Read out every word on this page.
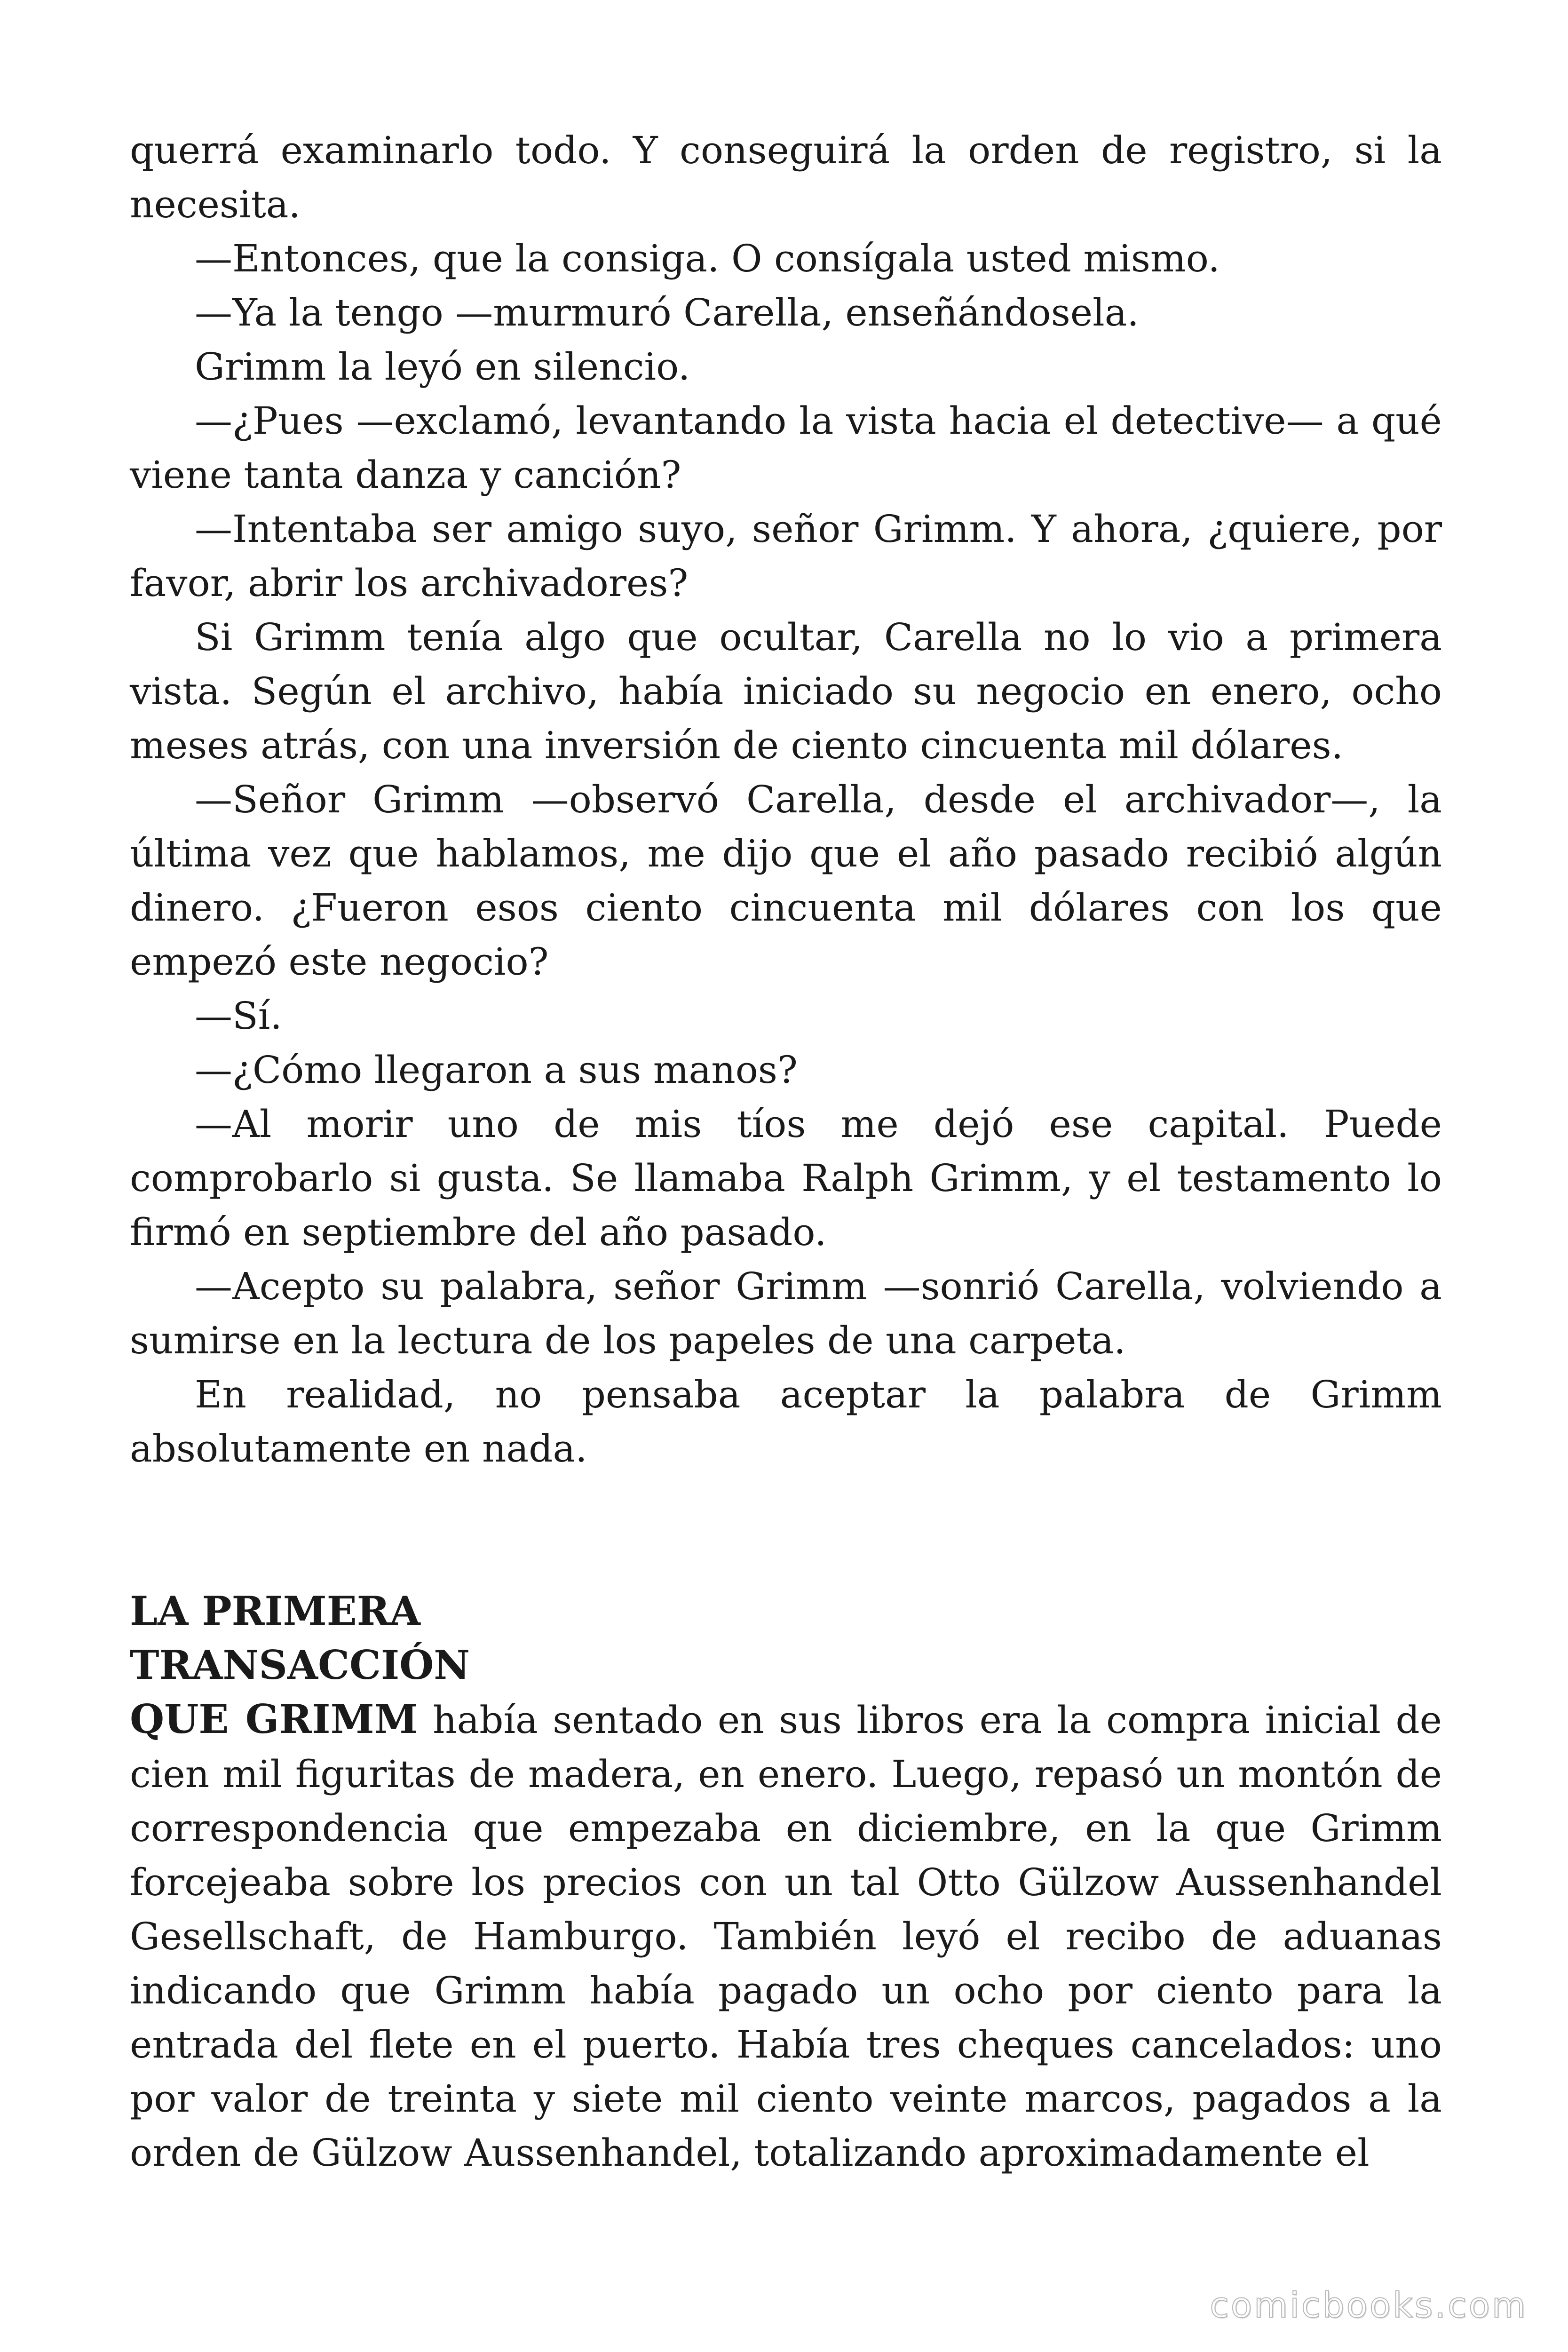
querrá examinarlo todo. Y conseguirá la orden de registro, si la necesita.

—Entonces, que la consiga. O consígala usted mismo.

—Ya la tengo —murmuró Carella, enseñándosela.

Grimm la leyó en silencio.

—¿Pues —exclamó, levantando la vista hacia el detective— a qué viene tanta danza y canción?

—Intentaba ser amigo suyo, señor Grimm. Y ahora, ¿quiere, por favor, abrir los archivadores?

Si Grimm tenía algo que ocultar, Carella no lo vio a primera vista. Según el archivo, había iniciado su negocio en enero, ocho meses atrás, con una inversión de ciento cincuenta mil dólares.

—Señor Grimm —observó Carella, desde el archivador—, la última vez que hablamos, me dijo que el año pasado recibió algún dinero. ¿Fueron esos ciento cincuenta mil dólares con los que empezó este negocio?

—Sí.

—¿Cómo llegaron a sus manos?

—Al morir uno de mis tíos me dejó ese capital. Puede comprobarlo si gusta. Se llamaba Ralph Grimm, y el testamento lo firmó en septiembre del año pasado.

—Acepto su palabra, señor Grimm —sonrió Carella, volviendo a sumirse en la lectura de los papeles de una carpeta.

En realidad, no pensaba aceptar la palabra de Grimm absolutamente en nada.

LA PRIMERA

TRANSACCIÓN

QUE GRIMM había sentado en sus libros era la compra inicial de cien mil figuritas de madera, en enero. Luego, repasó un montón de correspondencia que empezaba en diciembre, en la que Grimm forcejeaba sobre los precios con un tal Otto Gülzow Aussenhandel Gesellschaft, de Hamburgo. También leyó el recibo de aduanas indicando que Grimm había pagado un ocho por ciento para la entrada del flete en el puerto. Había tres cheques cancelados: uno por valor de treinta y siete mil ciento veinte marcos, pagados a la orden de Gülzow Aussenhandel, totalizando aproximadamente el

comicbooks.com
